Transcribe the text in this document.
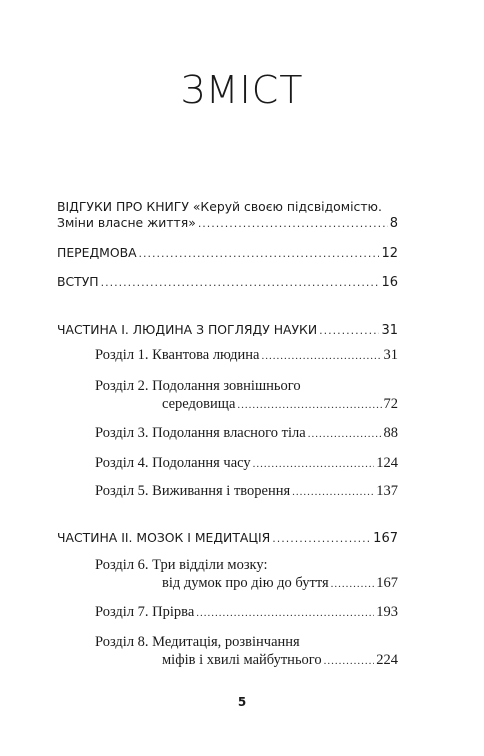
ЗМІСТ
ВІДГУКИ ПРО КНИГУ «Керуй своєю підсвідомістю.
Зміни власне життя» .....	8
ПЕРЕДМОВА .....	12
ВСТУП .....	16
ЧАСТИНА І. ЛЮДИНА З ПОГЛЯДУ НАУКИ .....	31
Розділ 1. Квантова людина .....	31
Розділ 2. Подолання зовнішнього
середовища .....	72
Розділ 3. Подолання власного тіла .....	88
Розділ 4. Подолання часу .....	124
Розділ 5. Виживання і творення .....	137
ЧАСТИНА ІІ. МОЗОК І МЕДИТАЦІЯ .....	167
Розділ 6. Три відділи мозку:
від думок про дію до буття .....	167
Розділ 7. Прірва .....	193
Розділ 8. Медитація, розвінчання
міфів і хвилі майбутнього .....	224
5
